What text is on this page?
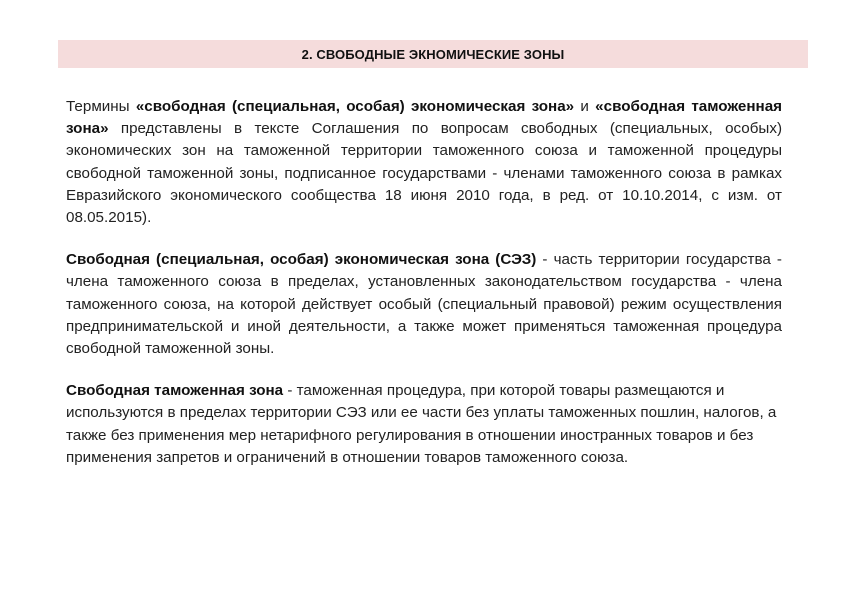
2. СВОБОДНЫЕ ЭКНОМИЧЕСКИЕ ЗОНЫ

Термины «свободная (специальная, особая) экономическая зона» и «свободная таможенная зона» представлены в тексте Соглашения по вопросам свободных (специальных, особых) экономических зон на таможенной территории таможенного союза и таможенной процедуры свободной таможенной зоны, подписанное государствами - членами таможенного союза в рамках Евразийского экономического сообщества 18 июня 2010 года, в ред. от 10.10.2014, с изм. от 08.05.2015).

Свободная (специальная, особая) экономическая зона (СЭЗ) - часть территории государства - члена таможенного союза в пределах, установленных законодательством государства - члена таможенного союза, на которой действует особый (специальный правовой) режим осуществления предпринимательской и иной деятельности, а также может применяться таможенная процедура свободной таможенной зоны.

Свободная таможенная зона - таможенная процедура, при которой товары размещаются и используются в пределах территории СЭЗ или ее части без уплаты таможенных пошлин, налогов, а также без применения мер нетарифного регулирования в отношении иностранных товаров и без применения запретов и ограничений в отношении товаров таможенного союза.
